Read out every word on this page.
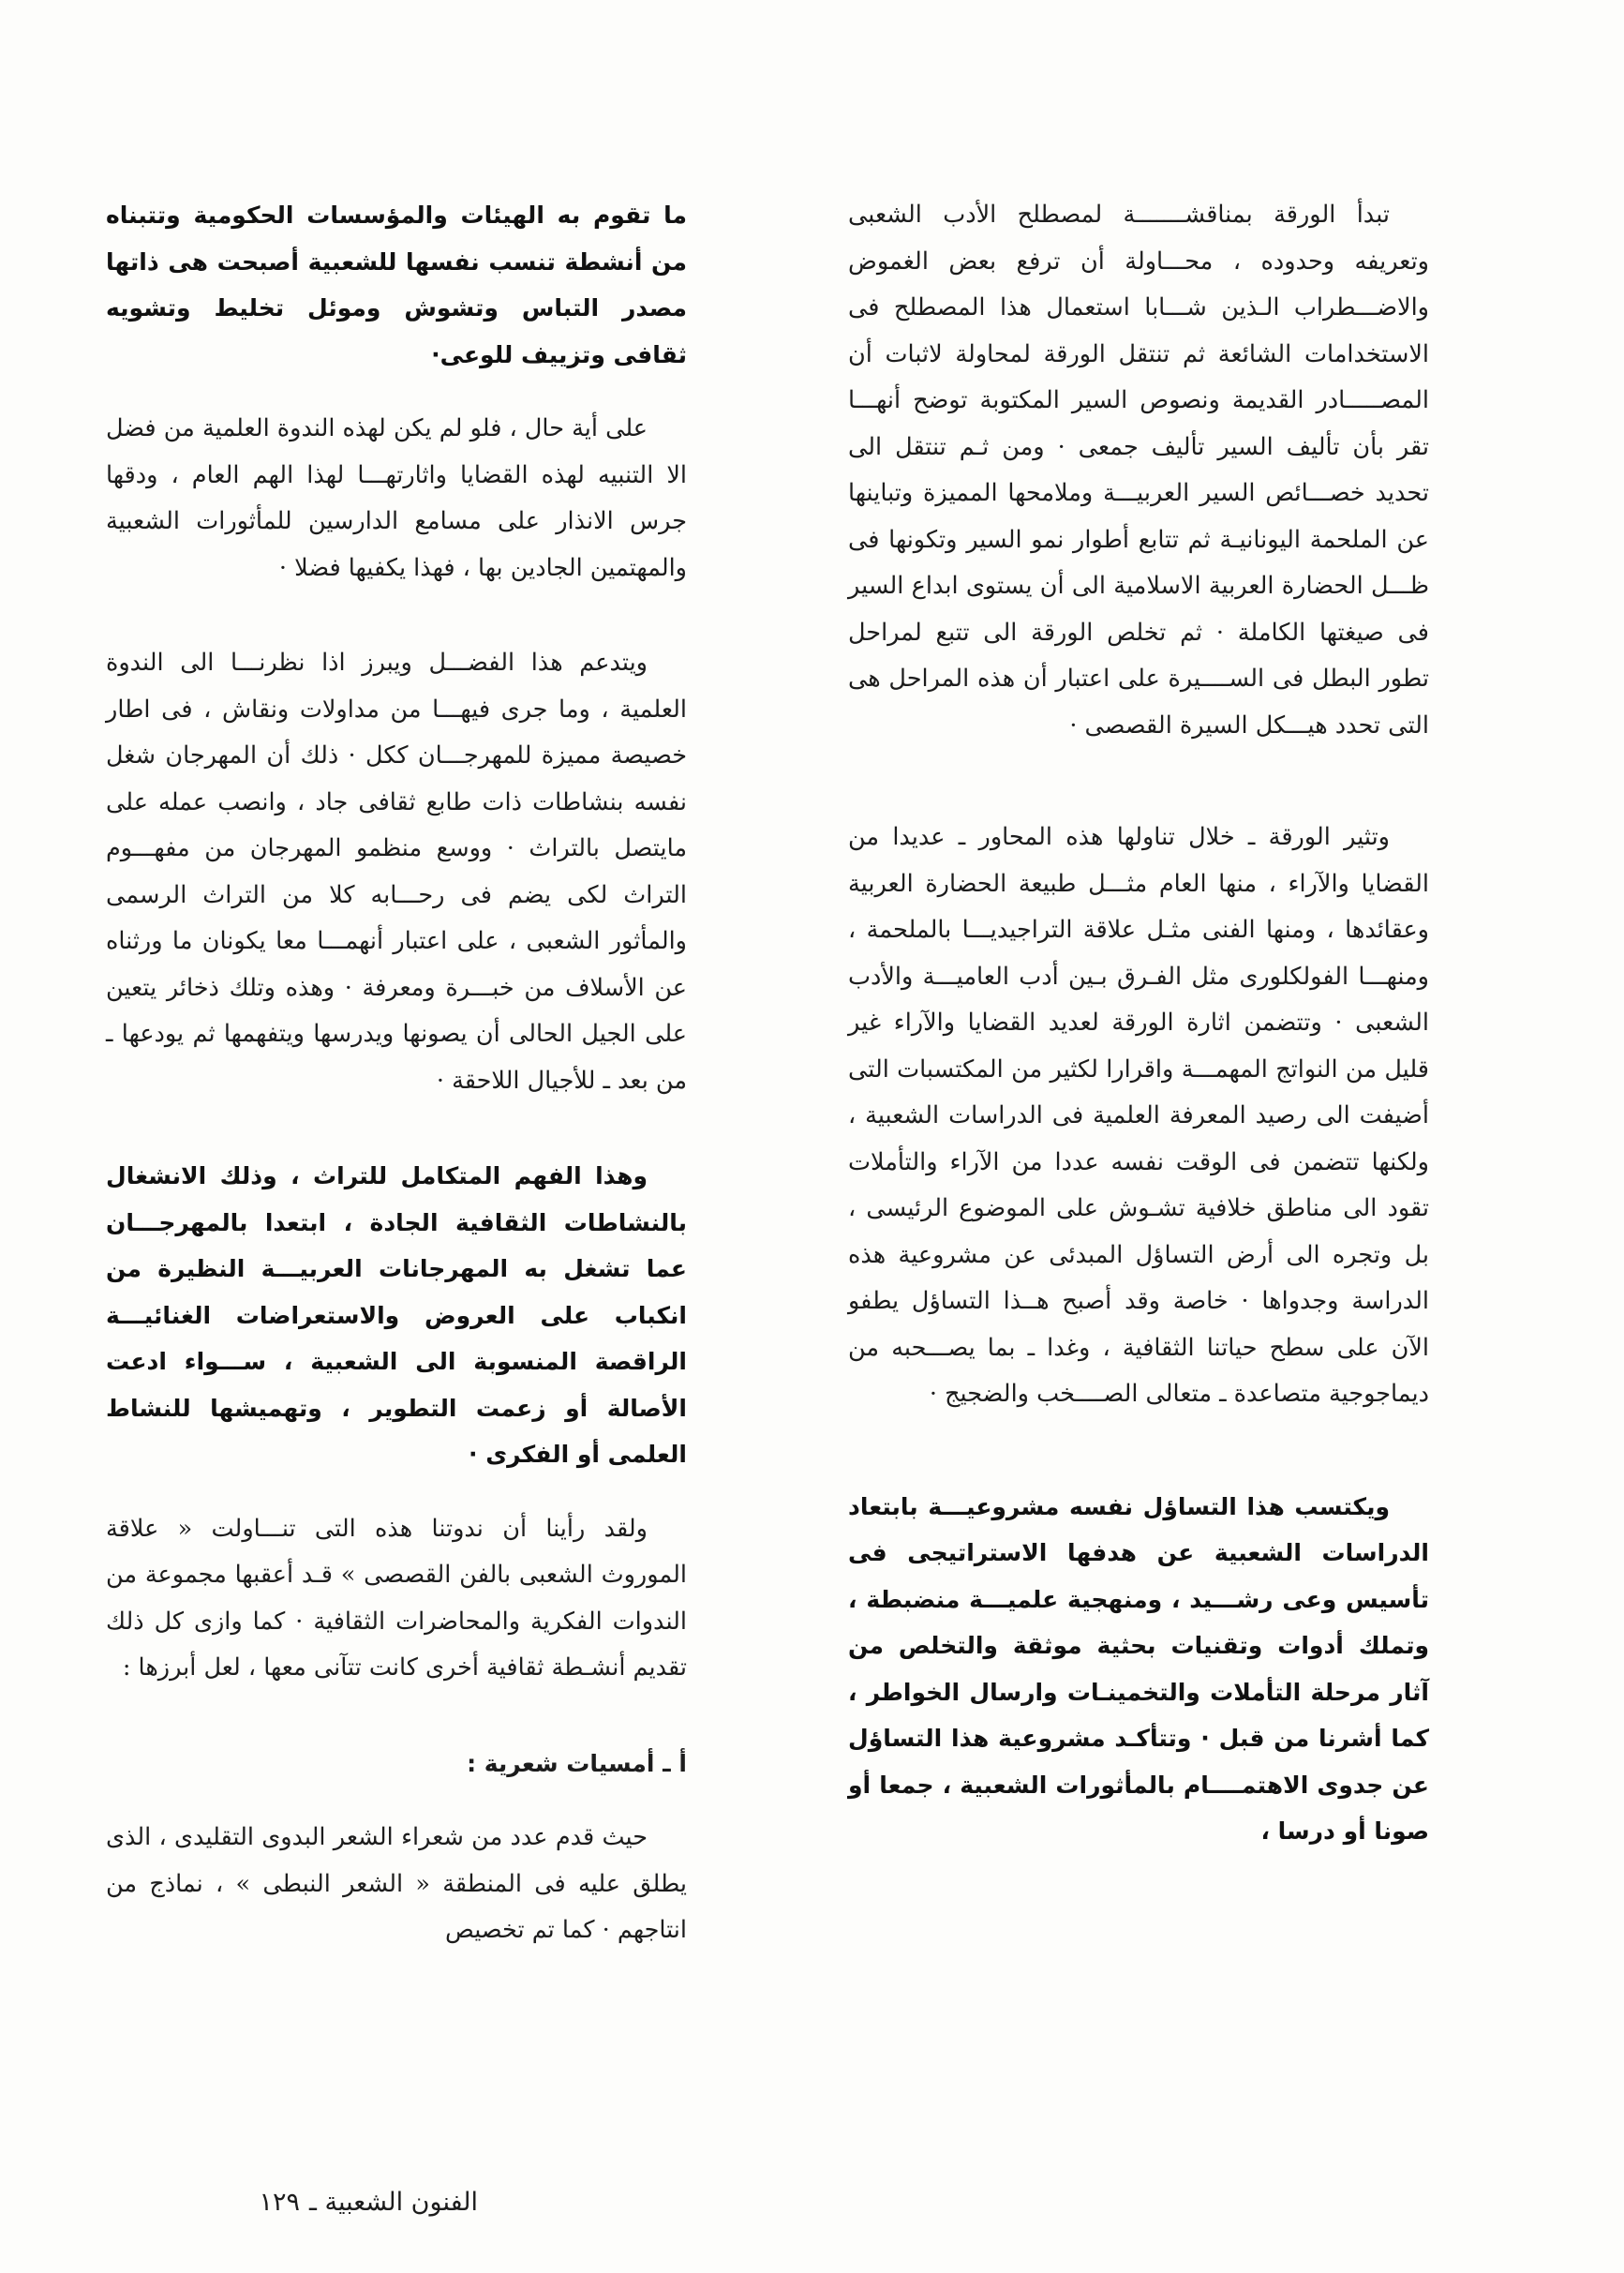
تبدأ الورقة بمناقشـــــــة لمصطلح الأدب الشعبى وتعريفه وحدوده ، محـــاولة أن ترفع بعض الغموض والاضـــطراب الـذين شـــابا استعمال هذا المصطلح فى الاستخدامات الشائعة ثم تنتقل الورقة لمحاولة لاثبات أن المصـــــادر القديمة ونصوص السير المكتوبة توضح أنهـــا تقر بأن تأليف السير تأليف جمعى · ومن ثـم تنتقل الى تحديد خصـــائص السير العربيـــة وملامحها المميزة وتباينها عن الملحمة اليونانيـة ثم تتابع أطوار نمو السير وتكونها فى ظـــل الحضارة العربية الاسلامية الى أن يستوى ابداع السير فى صيغتها الكاملة · ثم تخلص الورقة الى تتبع لمراحل تطور البطل فى الســــيرة على اعتبار أن هذه المراحل هى التى تحدد هيـــكل السيرة القصصى ·

وتثير الورقة ـ خلال تناولها هذه المحاور ـ عديدا من القضايا والآراء ، منها العام مثـــل طبيعة الحضارة العربية وعقائدها ، ومنها الفنى مثـل علاقة التراجيديـــا بالملحمة ، ومنهـــا الفولكلورى مثل الفـرق بـين أدب العاميـــة والأدب الشعبى · وتتضمن اثارة الورقة لعديد القضايا والآراء غير قليل من النواتج المهمـــة واقرارا لكثير من المكتسبات التى أضيفت الى رصيد المعرفة العلمية فى الدراسات الشعبية ، ولكنها تتضمن فى الوقت نفسه عددا من الآراء والتأملات تقود الى مناطق خلافية تشـوش على الموضوع الرئيسى ، بل وتجره الى أرض التساؤل المبدئى عن مشروعية هذه الدراسة وجدواها · خاصة وقد أصبح هــذا التساؤل يطفو الآن على سطح حياتنا الثقافية ، وغدا ـ بما يصـــحبه من ديماجوجية متصاعدة ـ متعالى الصــــخب والضجيج ·

ويكتسب هذا التساؤل نفسه مشروعيـــة بابتعاد الدراسات الشعبية عن هدفها الاستراتيجى فى تأسيس وعى رشـــيد ، ومنهجية علميـــة منضبطة ، وتملك أدوات وتقنيات بحثية موثقة والتخلص من آثار مرحلة التأملات والتخمينـات وارسال الخواطر ، كما أشرنا من قبل · وتتأكـد مشروعية هذا التساؤل عن جدوى الاهتمــــام بالمأثورات الشعبية ، جمعا أو صونا أو درسا ،

ما تقوم به الهيئات والمؤسسات الحكومية وتتبناه من أنشطة تنسب نفسها للشعبية أصبحت هى ذاتها مصدر التباس وتشوش وموئل تخليط وتشويه ثقافى وتزييف للوعى·

على أية حال ، فلو لم يكن لهذه الندوة العلمية من فضل الا التنبيه لهذه القضايا واثارتهـــا لهذا الهم العام ، ودقها جرس الانذار على مسامع الدارسين للمأثورات الشعبية والمهتمين الجادين بها ، فهذا يكفيها فضلا ·

ويتدعم هذا الفضـــل ويبرز اذا نظرنـــا الى الندوة العلمية ، وما جرى فيهـــا من مداولات ونقاش ، فى اطار خصيصة مميزة للمهرجـــان ككل · ذلك أن المهرجان شغل نفسه بنشاطات ذات طابع ثقافى جاد ، وانصب عمله على مايتصل بالتراث · ووسع منظمو المهرجان من مفهـــوم التراث لكى يضم فى رحـــابه كلا من التراث الرسمى والمأثور الشعبى ، على اعتبار أنهمـــا معا يكونان ما ورثناه عن الأسلاف من خبـــرة ومعرفة · وهذه وتلك ذخائر يتعين على الجيل الحالى أن يصونها ويدرسها ويتفهمها ثم يودعها ـ من بعد ـ للأجيال اللاحقة ·

وهذا الفهم المتكامل للتراث ، وذلك الانشغال بالنشاطات الثقافية الجادة ، ابتعدا بالمهرجـــان عما تشغل به المهرجانات العربيـــة النظيرة من انكباب على العروض والاستعراضات الغنائيـــة الراقصة المنسوبة الى الشعبية ، ســـواء ادعت الأصالة أو زعمت التطوير ، وتهميشها للنشاط العلمى أو الفكرى ·

ولقد رأينا أن ندوتنا هذه التى تنـــاولت « علاقة الموروث الشعبى بالفن القصصى » قـد أعقبها مجموعة من الندوات الفكرية والمحاضرات الثقافية · كما وازى كل ذلك تقديم أنشـطة ثقافية أخرى كانت تتآنى معها ، لعل أبرزها :

أ ـ أمسيات شعرية :

حيث قدم عدد من شعراء الشعر البدوى التقليدى ، الذى يطلق عليه فى المنطقة « الشعر النبطى » ، نماذج من انتاجهم · كما تم تخصيص

الفنون الشعبية ـ١٢٩
